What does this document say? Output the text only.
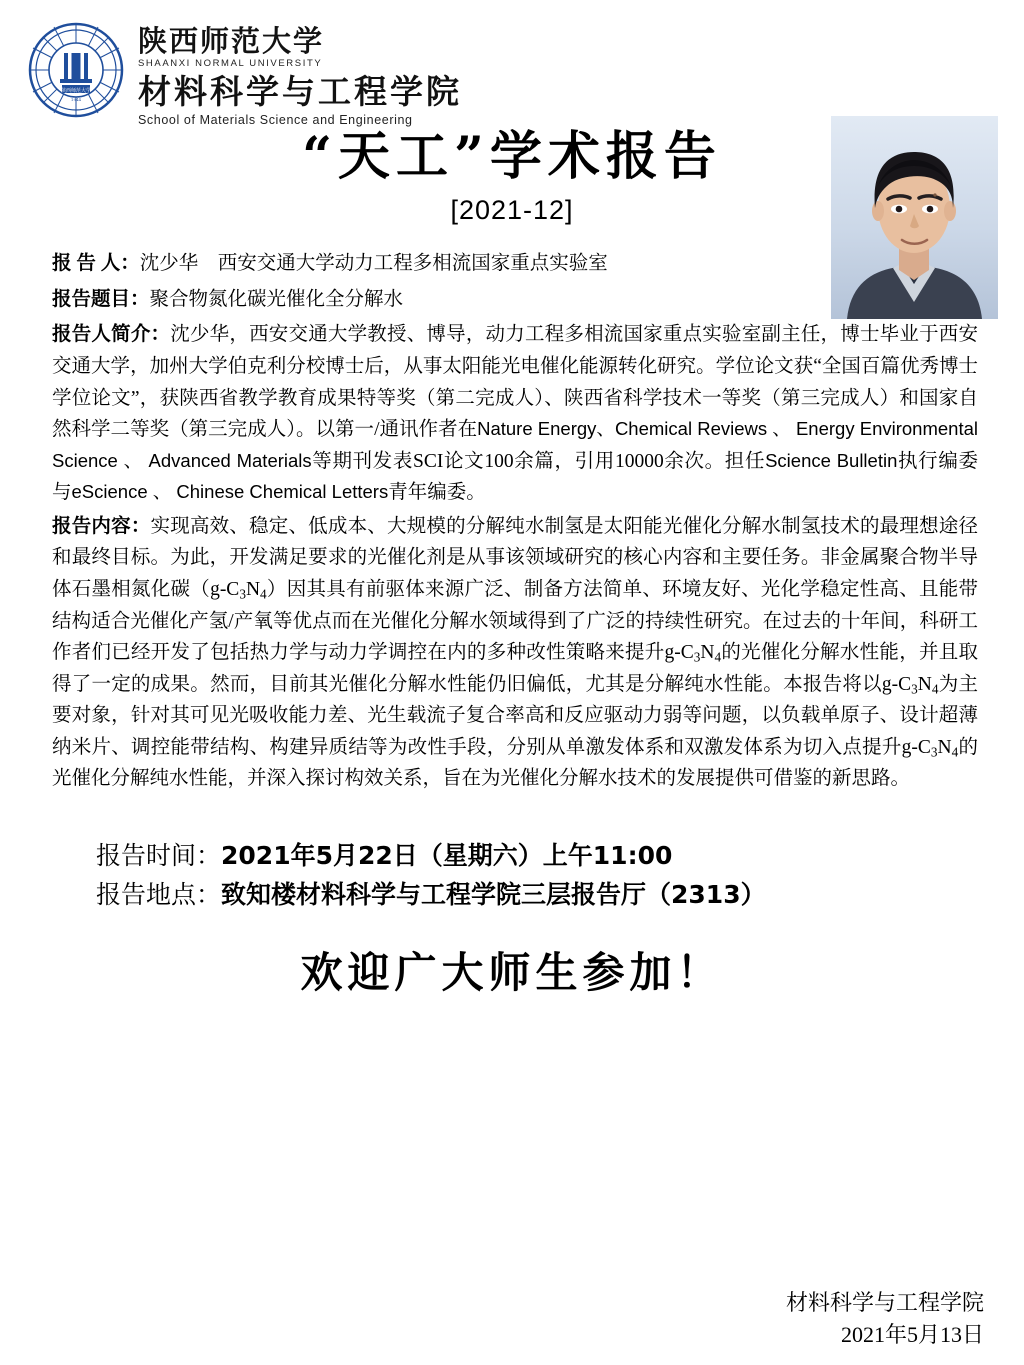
陕西师范大学
1944
陕西师范大学
SHAANXI NORMAL UNIVERSITY
材料科学与工程学院
School of Materials Science and Engineering
“天工”学术报告
[2021-12]

报 告 人：沈少华　西安交通大学动力工程多相流国家重点实验室

报告题目：聚合物氮化碳光催化全分解水

报告人简介：沈少华，西安交通大学教授、博导，动力工程多相流国家重点实验室副主任，博士毕业于西安交通大学，加州大学伯克利分校博士后，从事太阳能光电催化能源转化研究。学位论文获“全国百篇优秀博士学位论文”，获陕西省教学教育成果特等奖（第二完成人）、陕西省科学技术一等奖（第三完成人）和国家自然科学二等奖（第三完成人）。以第一/通讯作者在Nature Energy、Chemical Reviews 、 Energy Environmental Science 、 Advanced Materials等期刊发表SCI论文100余篇，引用10000余次。担任Science Bulletin执行编委与eScience 、 Chinese Chemical Letters青年编委。

报告内容：实现高效、稳定、低成本、大规模的分解纯水制氢是太阳能光催化分解水制氢技术的最理想途径和最终目标。为此，开发满足要求的光催化剂是从事该领域研究的核心内容和主要任务。非金属聚合物半导体石墨相氮化碳$(g-C_3N_4)$因其具有前驱体来源广泛、制备方法简单、环境友好、光化学稳定性高、且能带结构适合光催化产氢/产氧等优点而在光催化分解水领域得到了广泛的持续性研究。在过去的十年间，科研工作者们已经开发了包括热力学与动力学调控在内的多种改性策略来提升$g-C_3N_4$的光催化分解水性能，并且取得了一定的成果。然而，目前其光催化分解水性能仍旧偏低，尤其是分解纯水性能。本报告将以$g-C_3N_4$为主要对象，针对其可见光吸收能力差、光生载流子复合率高和反应驱动力弱等问题，以负载单原子、设计超薄纳米片、调控能带结构、构建异质结等为改性手段，分别从单激发体系和双激发体系为切入点提升$g-C_3N_4$的光催化分解纯水性能，并深入探讨构效关系，旨在为光催化分解水技术的发展提供可借鉴的新思路。

报告时间：2021年5月22日（星期六）上午11:00
报告地点：致知楼材料科学与工程学院三层报告厅（2313）
欢迎广大师生参加！
材料科学与工程学院
2021年5月13日
